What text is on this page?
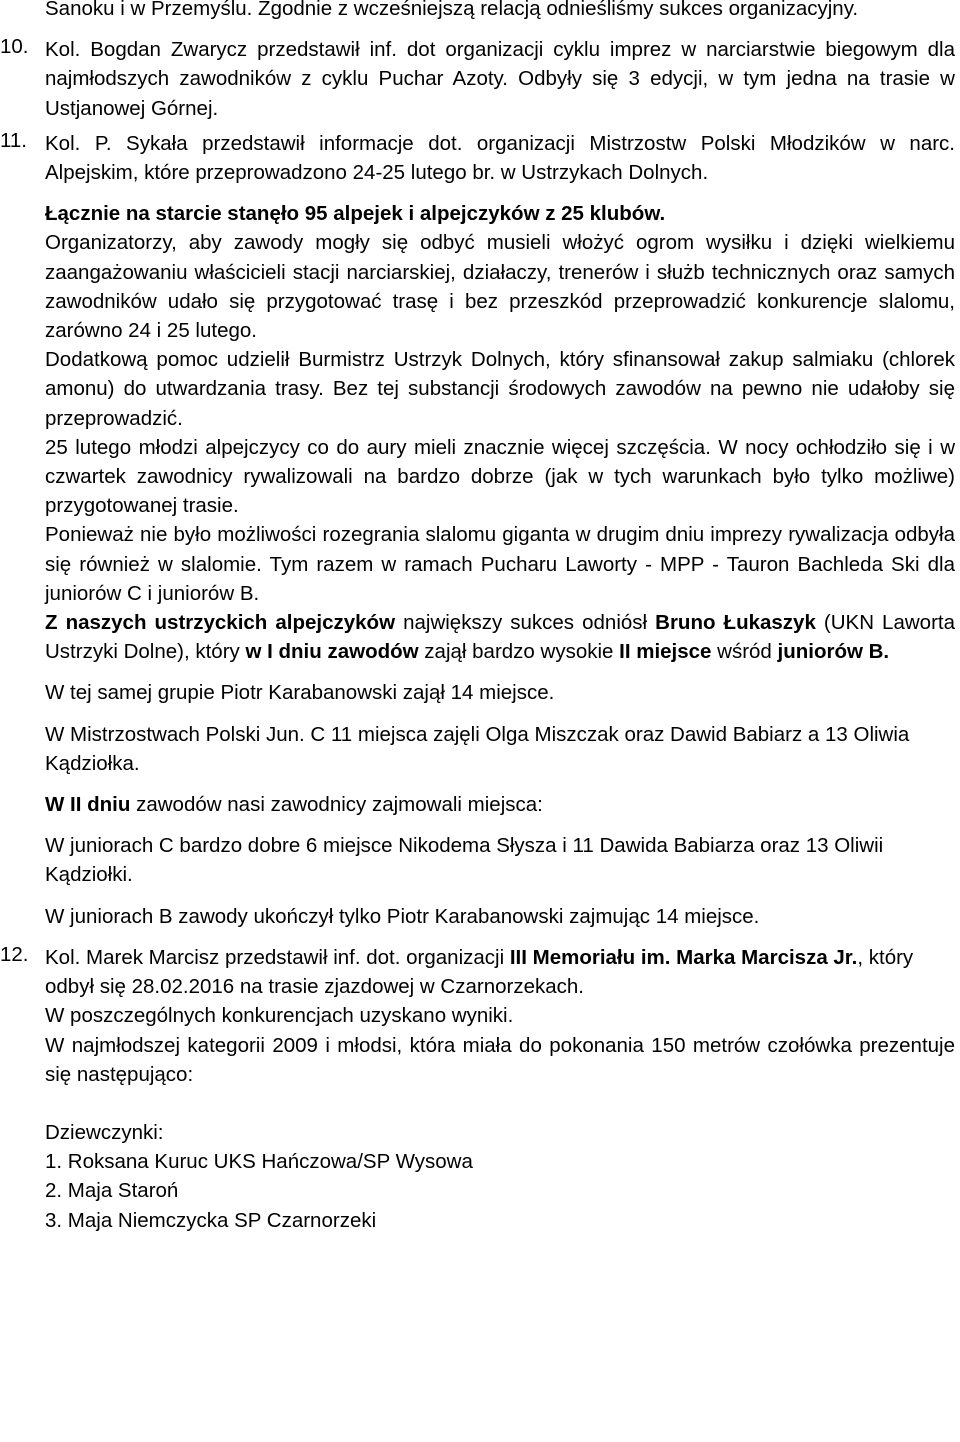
Sanoku i w Przemyślu. Zgodnie z wcześniejszą relacją odnieśliśmy sukces organizacyjny.

10. Kol. Bogdan Zwarycz przedstawił inf. dot organizacji cyklu imprez w narciarstwie biegowym dla najmłodszych zawodników z cyklu Puchar Azoty. Odbyły się 3 edycji, w tym jedna na trasie w Ustjanowej Górnej.

11. Kol. P. Sykała przedstawił informacje dot. organizacji Mistrzostw Polski Młodzików w narc. Alpejskim, które przeprowadzono 24-25 lutego br. w Ustrzykach Dolnych.

Łącznie na starcie stanęło 95 alpejek i alpejczyków z 25 klubów.

Organizatorzy, aby zawody mogły się odbyć musieli włożyć ogrom wysiłku i dzięki wielkiemu zaangażowaniu właścicieli stacji narciarskiej, działaczy, trenerów i służb technicznych oraz samych zawodników udało się przygotować trasę i bez przeszkód przeprowadzić konkurencje slalomu, zarówno 24 i 25 lutego.

Dodatkową pomoc udzielił Burmistrz Ustrzyk Dolnych, który sfinansował zakup salmiaku (chlorek amonu) do utwardzania trasy. Bez tej substancji środowych zawodów na pewno nie udałoby się przeprowadzić.

25 lutego młodzi alpejczycy co do aury mieli znacznie więcej szczęścia. W nocy ochłodziło się i w czwartek zawodnicy rywalizowali na bardzo dobrze (jak w tych warunkach było tylko możliwe) przygotowanej trasie.

Ponieważ nie było możliwości rozegrania slalomu giganta w drugim dniu imprezy rywalizacja odbyła się również w slalomie. Tym razem w ramach Pucharu Laworty - MPP - Tauron Bachleda Ski dla juniorów C i juniorów B.

Z naszych ustrzyckich alpejczyków największy sukces odniósł Bruno Łukaszyk (UKN Laworta Ustrzyki Dolne), który w I dniu zawodów zajął bardzo wysokie II miejsce wśród juniorów B.

W tej samej grupie Piotr Karabanowski zajął 14 miejsce.

W Mistrzostwach Polski Jun. C 11 miejsca zajęli Olga Miszczak oraz Dawid Babiarz a 13 Oliwia Kądziołka.

W II dniu zawodów nasi zawodnicy zajmowali miejsca:

W juniorach C bardzo dobre 6 miejsce Nikodema Słysza i 11 Dawida Babiarza oraz 13 Oliwii Kądziołki.

W juniorach B zawody ukończył tylko Piotr Karabanowski zajmując 14 miejsce.

12. Kol. Marek Marcisz przedstawił inf. dot. organizacji III Memoriału im. Marka Marcisza Jr., który odbył się 28.02.2016 na trasie zjazdowej w Czarnorzekach.

W poszczególnych konkurencjach uzyskano wyniki.

W najmłodszej kategorii 2009 i młodsi, która miała do pokonania 150 metrów czołówka prezentuje się następująco:

Dziewczynki:

1. Roksana Kuruc UKS Hańczowa/SP Wysowa

2. Maja Staroń

3. Maja Niemczycka SP Czarnorzeki
